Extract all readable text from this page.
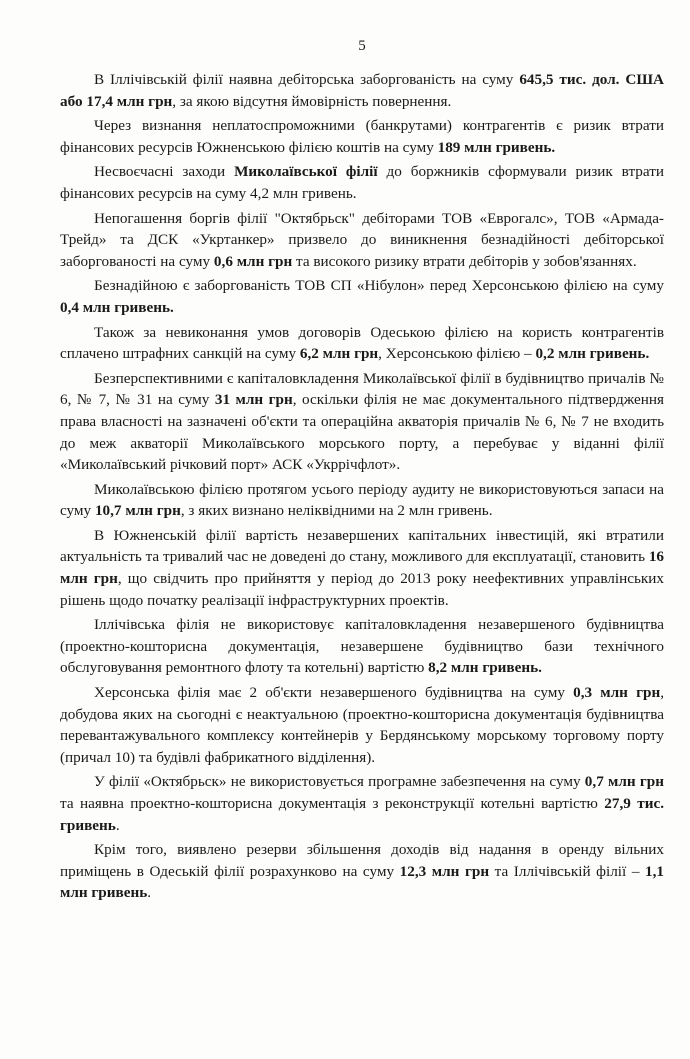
5

В Іллічівській філії наявна дебіторська заборгованість на суму 645,5 тис. дол. США або 17,4 млн грн, за якою відсутня ймовірність повернення.

Через визнання неплатоспроможними (банкрутами) контрагентів є ризик втрати фінансових ресурсів Южненською філією коштів на суму 189 млн гривень.

Несвоєчасні заходи Миколаївської філії до боржників сформували ризик втрати фінансових ресурсів на суму 4,2 млн гривень.

Непогашення боргів філії "Октябрьск" дебіторами ТОВ «Еврогалс», ТОВ «Армада-Трейд» та ДСК «Укртанкер» призвело до виникнення безнадійності дебіторської заборгованості на суму 0,6 млн грн та високого ризику втрати дебіторів у зобов'язаннях.

Безнадійною є заборгованість ТОВ СП «Нібулон» перед Херсонською філією на суму 0,4 млн гривень.

Також за невиконання умов договорів Одеською філією на користь контрагентів сплачено штрафних санкцій на суму 6,2 млн грн, Херсонською філією – 0,2 млн гривень.

Безперспективними є капіталовкладення Миколаївської філії в будівництво причалів № 6, № 7, № 31 на суму 31 млн грн, оскільки філія не має документального підтвердження права власності на зазначені об'єкти та операційна акваторія причалів № 6, № 7 не входить до меж акваторії Миколаївського морського порту, а перебуває у віданні філії «Миколаївський річковий порт» АСК «Укррічфлот».

Миколаївською філією протягом усього періоду аудиту не використовуються запаси на суму 10,7 млн грн, з яких визнано неліквідними на 2 млн гривень.

В Южненській філії вартість незавершених капітальних інвестицій, які втратили актуальність та тривалий час не доведені до стану, можливого для експлуатації, становить 16 млн грн, що свідчить про прийняття у період до 2013 року неефективних управлінських рішень щодо початку реалізації інфраструктурних проектів.

Іллічівська філія не використовує капіталовкладення незавершеного будівництва (проектно-кошторисна документація, незавершене будівництво бази технічного обслуговування ремонтного флоту та котельні) вартістю 8,2 млн гривень.

Херсонська філія має 2 об'єкти незавершеного будівництва на суму 0,3 млн грн, добудова яких на сьогодні є неактуальною (проектно-кошторисна документація будівництва перевантажувального комплексу контейнерів у Бердянському морському торговому порту (причал 10) та будівлі фабрикатного відділення).

У філії «Октябрьск» не використовується програмне забезпечення на суму 0,7 млн грн та наявна проектно-кошторисна документація з реконструкції котельні вартістю 27,9 тис. гривень.

Крім того, виявлено резерви збільшення доходів від надання в оренду вільних приміщень в Одеській філії розрахунково на суму 12,3 млн грн та Іллічівській філії – 1,1 млн гривень.
